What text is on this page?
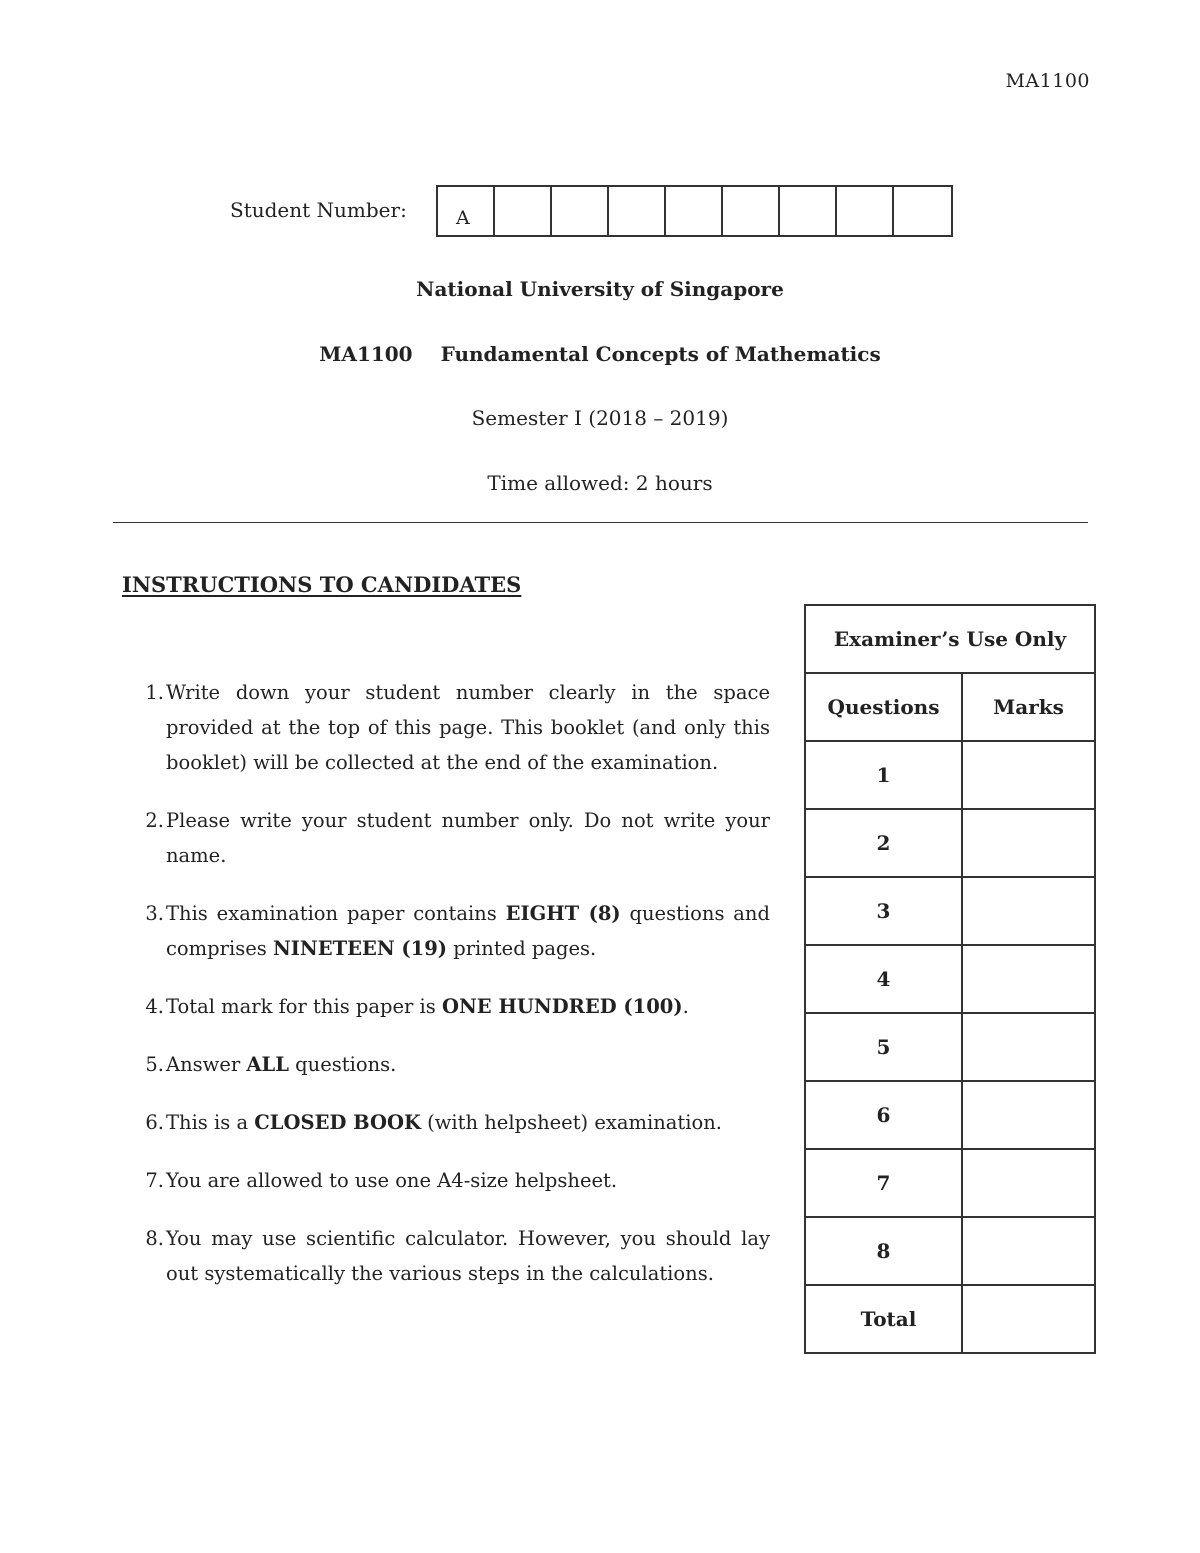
MA1100
Student Number:	A
National University of Singapore
MA1100 Fundamental Concepts of Mathematics
Semester I (2018 – 2019)
Time allowed: 2 hours
INSTRUCTIONS TO CANDIDATES
1. Write down your student number clearly in the space provided at the top of this page. This booklet (and only this booklet) will be collected at the end of the examination.
2. Please write your student number only. Do not write your name.
3. This examination paper contains EIGHT (8) questions and comprises NINETEEN (19) printed pages.
4. Total mark for this paper is ONE HUNDRED (100).
5. Answer ALL questions.
6. This is a CLOSED BOOK (with helpsheet) examination.
7. You are allowed to use one A4-size helpsheet.
8. You may use scientific calculator. However, you should lay out systematically the various steps in the calculations.
Examiner’s Use Only	
Questions	Marks
1	
2	
3	
4	
5	
6	
7	
8	
Total	
